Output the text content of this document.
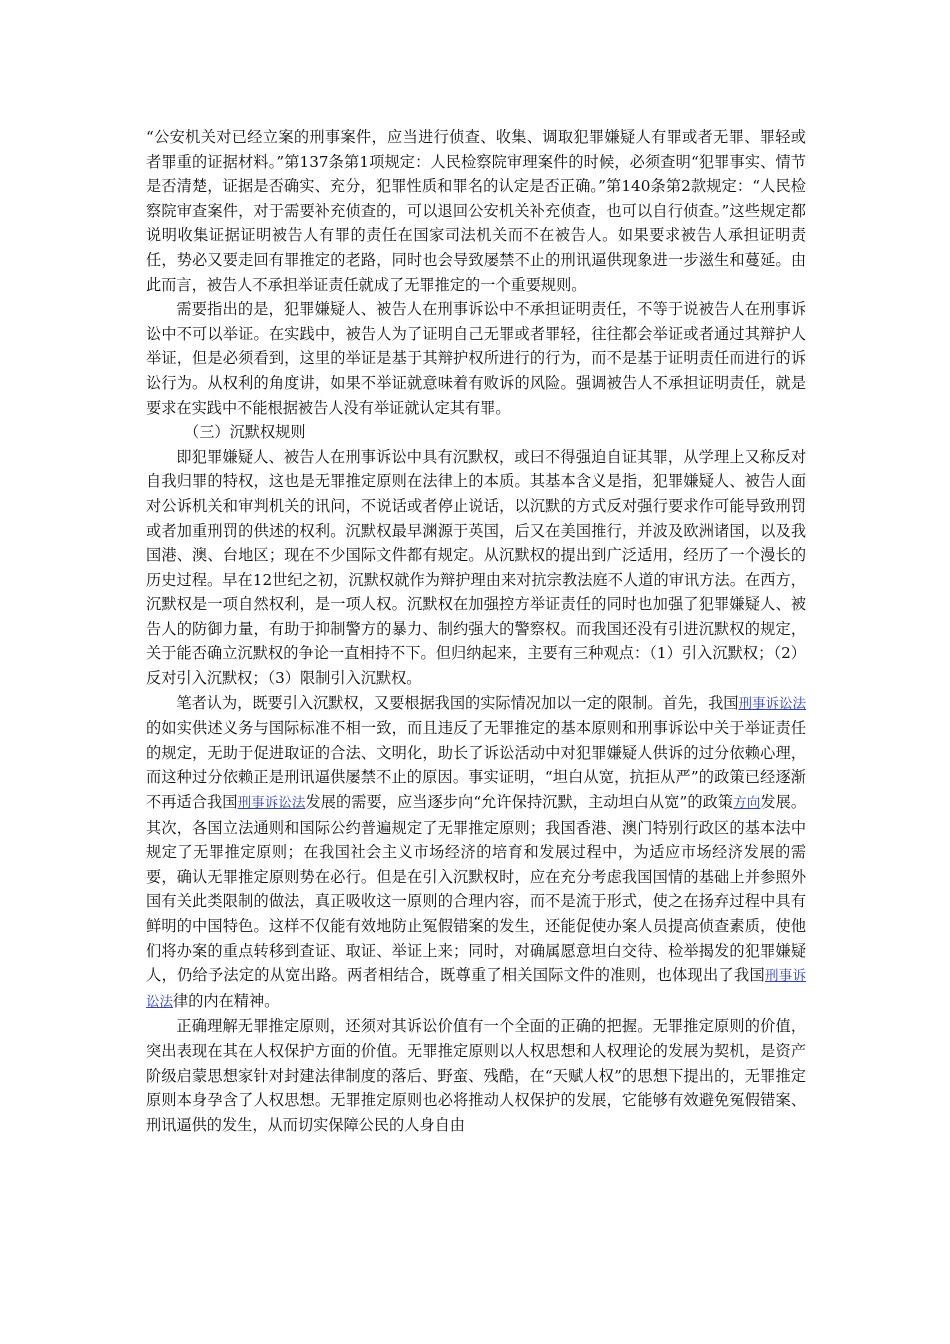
“公安机关对已经立案的刑事案件，应当进行侦查、收集、调取犯罪嫌疑人有罪或者无罪、罪轻或者罪重的证据材料。”第137条第1项规定：人民检察院审理案件的时候，必须查明“犯罪事实、情节是否清楚，证据是否确实、充分，犯罪性质和罪名的认定是否正确。”第140条第2款规定：“人民检察院审查案件，对于需要补充侦查的，可以退回公安机关补充侦查，也可以自行侦查。”这些规定都说明收集证据证明被告人有罪的责任在国家司法机关而不在被告人。如果要求被告人承担证明责任，势必又要走回有罪推定的老路，同时也会导致屡禁不止的刑讯逼供现象进一步滋生和蔓延。由此而言，被告人不承担举证责任就成了无罪推定的一个重要规则。

需要指出的是，犯罪嫌疑人、被告人在刑事诉讼中不承担证明责任，不等于说被告人在刑事诉讼中不可以举证。在实践中，被告人为了证明自己无罪或者罪轻，往往都会举证或者通过其辩护人举证，但是必须看到，这里的举证是基于其辩护权所进行的行为，而不是基于证明责任而进行的诉讼行为。从权利的角度讲，如果不举证就意味着有败诉的风险。强调被告人不承担证明责任，就是要求在实践中不能根据被告人没有举证就认定其有罪。

（三）沉默权规则

即犯罪嫌疑人、被告人在刑事诉讼中具有沉默权，或曰不得强迫自证其罪，从学理上又称反对自我归罪的特权，这也是无罪推定原则在法律上的本质。其基本含义是指，犯罪嫌疑人、被告人面对公诉机关和审判机关的讯问，不说话或者停止说话，以沉默的方式反对强行要求作可能导致刑罚或者加重刑罚的供述的权利。沉默权最早渊源于英国，后又在美国推行，并波及欧洲诸国，以及我国港、澳、台地区；现在不少国际文件都有规定。从沉默权的提出到广泛适用，经历了一个漫长的历史过程。早在12世纪之初，沉默权就作为辩护理由来对抗宗教法庭不人道的审讯方法。在西方，沉默权是一项自然权利，是一项人权。沉默权在加强控方举证责任的同时也加强了犯罪嫌疑人、被告人的防御力量，有助于抑制警方的暴力、制约强大的警察权。而我国还没有引进沉默权的规定，关于能否确立沉默权的争论一直相持不下。但归纳起来，主要有三种观点：（1）引入沉默权；（2）反对引入沉默权；（3）限制引入沉默权。

笔者认为，既要引入沉默权，又要根据我国的实际情况加以一定的限制。首先，我国刑事诉讼法的如实供述义务与国际标准不相一致，而且违反了无罪推定的基本原则和刑事诉讼中关于举证责任的规定，无助于促进取证的合法、文明化，助长了诉讼活动中对犯罪嫌疑人供诉的过分依赖心理，而这种过分依赖正是刑讯逼供屡禁不止的原因。事实证明，“坦白从宽，抗拒从严”的政策已经逐渐不再适合我国刑事诉讼法发展的需要，应当逐步向“允许保持沉默，主动坦白从宽”的政策方向发展。其次，各国立法通则和国际公约普遍规定了无罪推定原则；我国香港、澳门特别行政区的基本法中规定了无罪推定原则；在我国社会主义市场经济的培育和发展过程中，为适应市场经济发展的需要，确认无罪推定原则势在必行。但是在引入沉默权时，应在充分考虑我国国情的基础上并参照外国有关此类限制的做法，真正吸收这一原则的合理内容，而不是流于形式，使之在扬弃过程中具有鲜明的中国特色。这样不仅能有效地防止冤假错案的发生，还能促使办案人员提高侦查素质，使他们将办案的重点转移到查证、取证、举证上来；同时，对确属愿意坦白交待、检举揭发的犯罪嫌疑人，仍给予法定的从宽出路。两者相结合，既尊重了相关国际文件的准则，也体现出了我国刑事诉讼法律的内在精神。

正确理解无罪推定原则，还须对其诉讼价值有一个全面的正确的把握。无罪推定原则的价值，突出表现在其在人权保护方面的价值。无罪推定原则以人权思想和人权理论的发展为契机，是资产阶级启蒙思想家针对封建法律制度的落后、野蛮、残酷，在“天赋人权”的思想下提出的，无罪推定原则本身孕含了人权思想。无罪推定原则也必将推动人权保护的发展，它能够有效避免冤假错案、刑讯逼供的发生，从而切实保障公民的人身自由
